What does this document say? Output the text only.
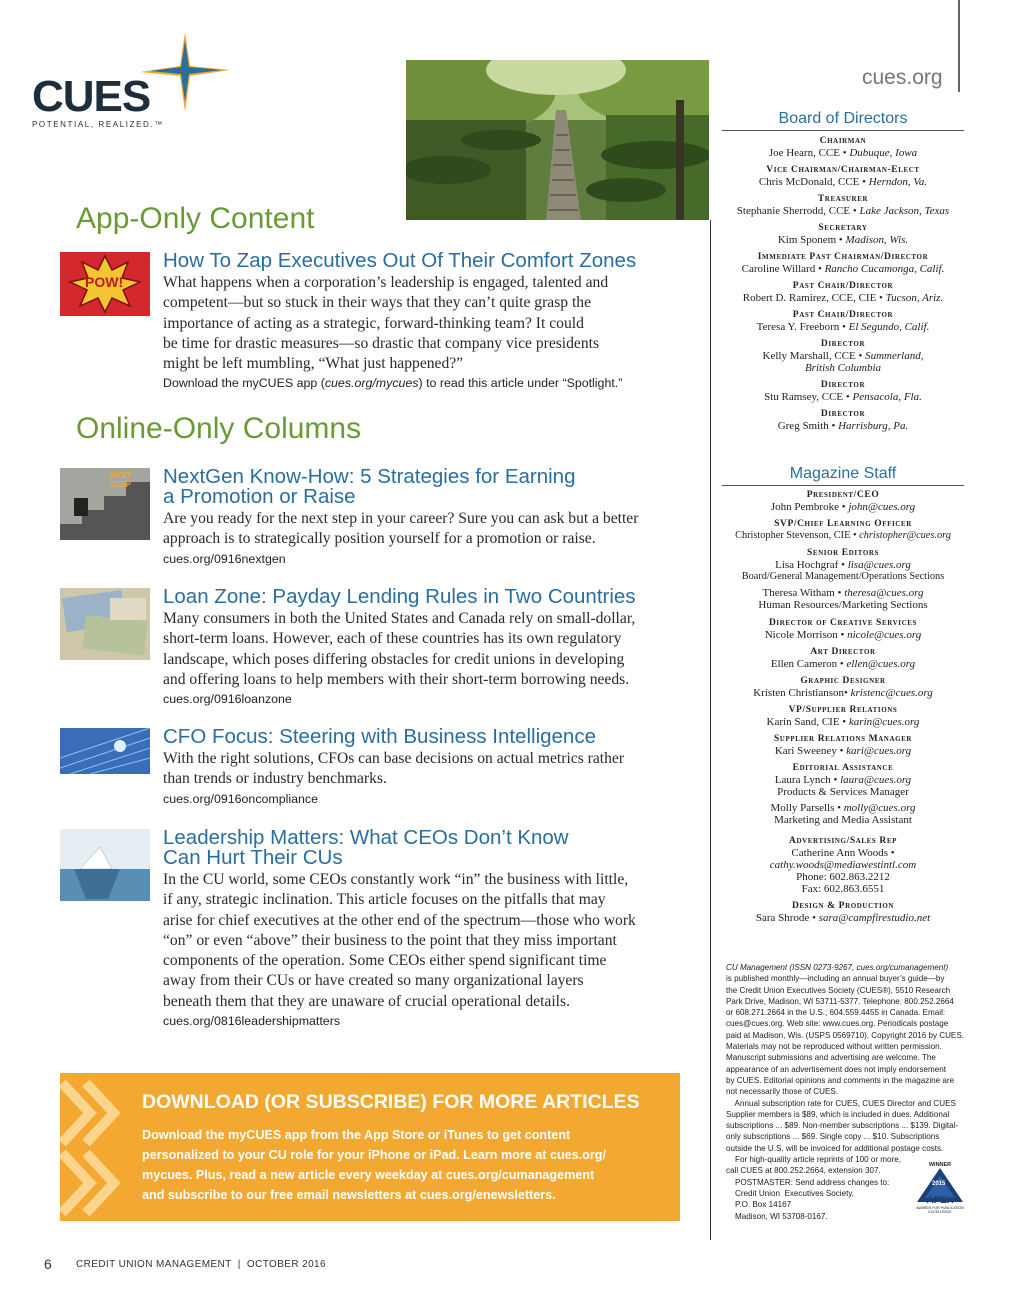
CUES
POTENTIAL, REALIZED.™
cues.org
App-Only Content
POW!
How To Zap Executives Out Of Their Comfort Zones
What happens when a corporation’s leadership is engaged, talented and
competent—but so stuck in their ways that they can’t quite grasp the
importance of acting as a strategic, forward-thinking team? It could
be time for drastic measures—so drastic that company vice presidents
might be left mumbling, “What just happened?”
Download the myCUES app (cues.org/mycues) to read this article under “Spotlight.”
Online-Only Columns
NEXT STEP	NextGen Know-How: 5 Strategies for Earning
a Promotion or Raise
Are you ready for the next step in your career? Sure you can ask but a better
approach is to strategically position yourself for a promotion or raise.
cues.org/0916nextgen
Loan Zone: Payday Lending Rules in Two Countries
Many consumers in both the United States and Canada rely on small-dollar,
short-term loans. However, each of these countries has its own regulatory
landscape, which poses differing obstacles for credit unions in developing
and offering loans to help members with their short-term borrowing needs.
cues.org/0916loanzone
CFO Focus: Steering with Business Intelligence
With the right solutions, CFOs can base decisions on actual metrics rather
than trends or industry benchmarks.
cues.org/0916oncompliance
Leadership Matters: What CEOs Don’t Know
Can Hurt Their CUs
In the CU world, some CEOs constantly work “in” the business with little,
if any, strategic inclination. This article focuses on the pitfalls that may
arise for chief executives at the other end of the spectrum—those who work
“on” or even “above” their business to the point that they miss important
components of the operation. Some CEOs either spend significant time
away from their CUs or have created so many organizational layers
beneath them that they are unaware of crucial operational details.
cues.org/0816leadershipmatters
DOWNLOAD (OR SUBSCRIBE) FOR MORE ARTICLES
Download the myCUES app from the App Store or iTunes to get content
personalized to your CU role for your iPhone or iPad. Learn more at cues.org/
mycues. Plus, read a new article every weekday at cues.org/cumanagement
and subscribe to our free email newsletters at cues.org/enewsletters.
Board of Directors
Chairman
Joe Hearn, CCE • Dubuque, Iowa
Vice Chairman/Chairman-Elect
Chris McDonald, CCE • Herndon, Va.
Treasurer
Stephanie Sherrodd, CCE • Lake Jackson, Texas
Secretary
Kim Sponem • Madison, Wis.
Immediate Past Chairman/Director
Caroline Willard • Rancho Cucamonga, Calif.
Past Chair/Director
Robert D. Ramirez, CCE, CIE • Tucson, Ariz.
Past Chair/Director
Teresa Y. Freeborn • El Segundo, Calif.
Director
Kelly Marshall, CCE • Summerland,
British Columbia
Director
Stu Ramsey, CCE • Pensacola, Fla.
Director
Greg Smith • Harrisburg, Pa.
Magazine Staff
President/CEO
John Pembroke • john@cues.org
SVP/Chief Learning Officer
Christopher Stevenson, CIE • christopher@cues.org
Senior Editors
Lisa Hochgraf • lisa@cues.org
Board/General Management/Operations Sections
Theresa Witham • theresa@cues.org
Human Resources/Marketing Sections
Director of Creative Services
Nicole Morrison • nicole@cues.org
Art Director
Ellen Cameron • ellen@cues.org
Graphic Designer
Kristen Christianson• kristenc@cues.org
VP/Supplier Relations
Karin Sand, CIE • karin@cues.org
Supplier Relations Manager
Kari Sweeney • kari@cues.org
Editorial Assistance
Laura Lynch • laura@cues.org
Products & Services Manager
Molly Parsells • molly@cues.org
Marketing and Media Assistant
Advertising/Sales Rep
Catherine Ann Woods •
cathy.woods@mediawestintl.com
Phone: 602.863.2212
Fax: 602.863.6551
Design & Production
Sara Shrode • sara@campfirestudio.net
CU Management (ISSN 0273-9267, cues.org/cumanagement)
is published monthly—including an annual buyer’s guide—by
the Credit Union Executives Society (CUES®), 5510 Research
Park Drive, Madison, WI 53711-5377. Telephone: 800.252.2664
or 608.271.2664 in the U.S.; 604.559.4455 in Canada. Email:
cues@cues.org. Web site: www.cues.org. Periodicals postage
paid at Madison, Wis. (USPS 0569710). Copyright 2016 by CUES.
Materials may not be reproduced without written permission.
Manuscript submissions and advertising are welcome. The
appearance of an advertisement does not imply endorsement
by CUES. Editorial opinions and comments in the magazine are
not necessarily those of CUES.
Annual subscription rate for CUES, CUES Director and CUES
Supplier members is $89, which is included in dues. Additional
subscriptions ... $89. Non-member subscriptions ... $139. Digital-
only subscriptions ... $69. Single copy ... $10. Subscriptions
outside the U.S. will be invoiced for additional postage costs.
For high-quality article reprints of 100 or more,
call CUES at 800.252.2664, extension 307.
POSTMASTER: Send address changes to:
Credit Union  Executives Society,
P.O. Box 14167
Madison, WI 53708-0167.
WINNER
2015
APEX
AWARDS FOR PUBLICATION EXCELLENCE
6 CREDIT UNION MANAGEMENT | OCTOBER 2016
